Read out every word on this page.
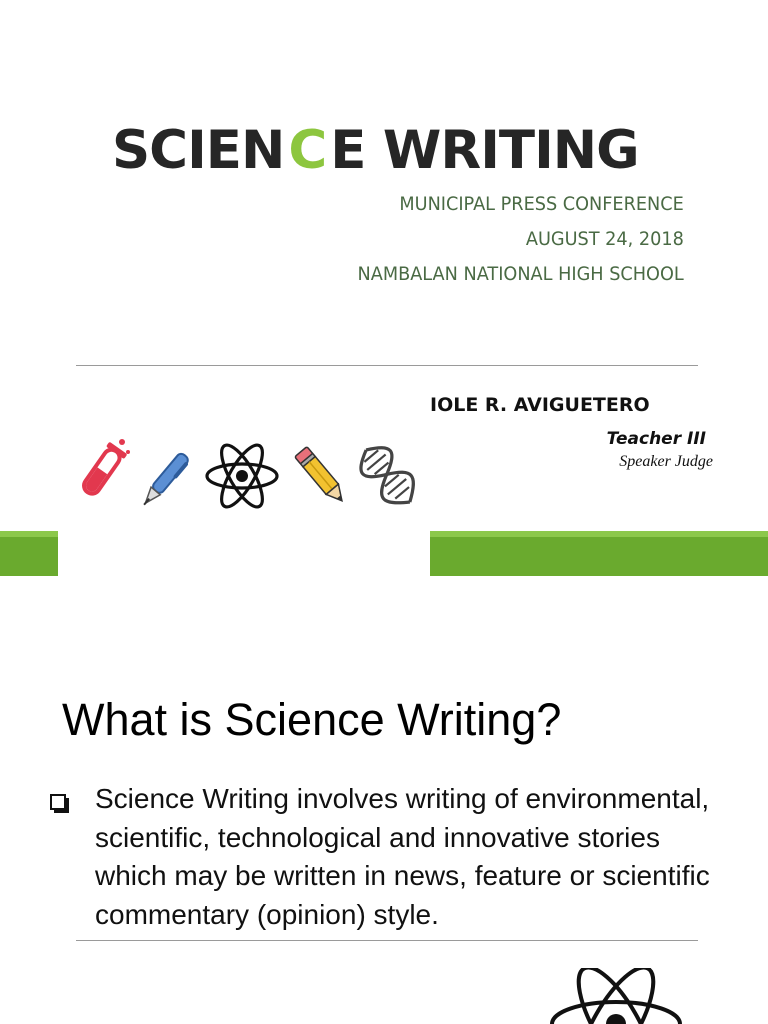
SCIENCE WRITING
MUNICIPAL PRESS CONFERENCE
AUGUST 24, 2018
NAMBALAN NATIONAL HIGH SCHOOL
IOLE R. AVIGUETERO
Teacher III
Speaker Judge
What is Science Writing?
Science Writing involves writing of environmental, scientific, technological and innovative stories which may be written in news, feature or scientific commentary (opinion) style.
